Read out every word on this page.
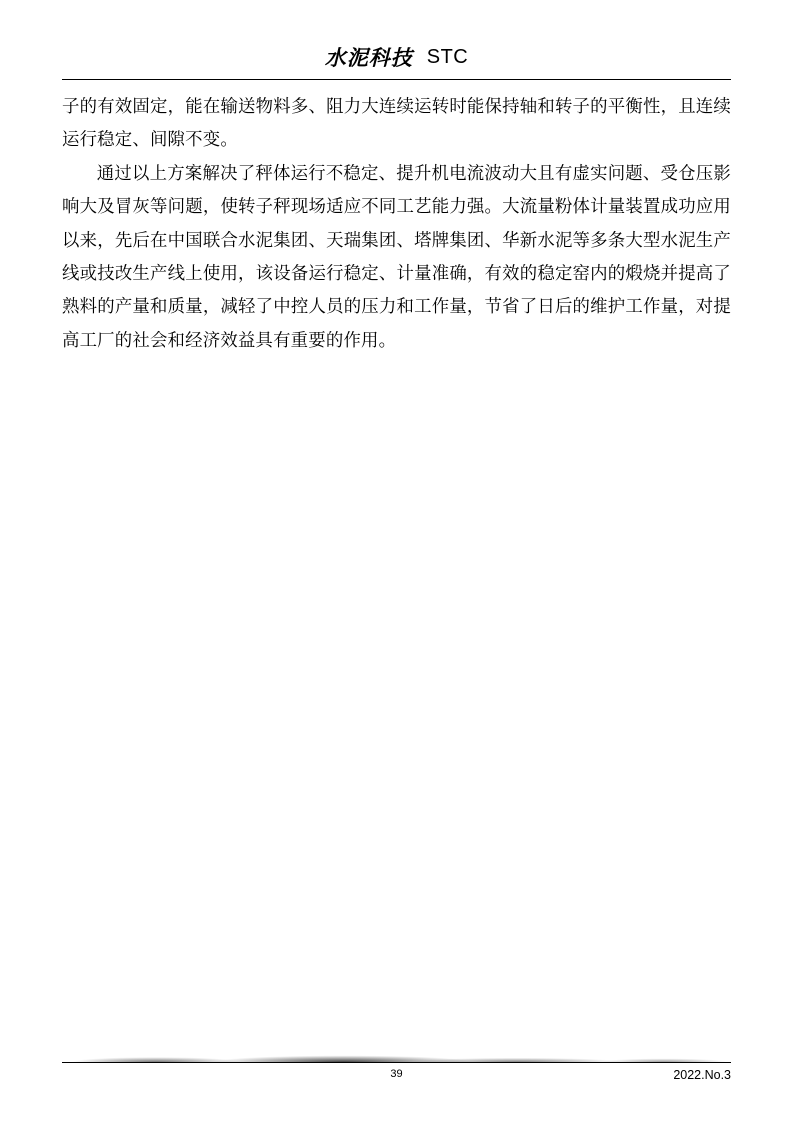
水泥科技 STC

子的有效固定，能在输送物料多、阻力大连续运转时能保持轴和转子的平衡性，且连续运行稳定、间隙不变。

通过以上方案解决了秤体运行不稳定、提升机电流波动大且有虚实问题、受仓压影响大及冒灰等问题，使转子秤现场适应不同工艺能力强。大流量粉体计量装置成功应用以来，先后在中国联合水泥集团、天瑞集团、塔牌集团、华新水泥等多条大型水泥生产线或技改生产线上使用，该设备运行稳定、计量准确，有效的稳定窑内的煅烧并提高了熟料的产量和质量，减轻了中控人员的压力和工作量，节省了日后的维护工作量，对提高工厂的社会和经济效益具有重要的作用。

39	2022.No.3
